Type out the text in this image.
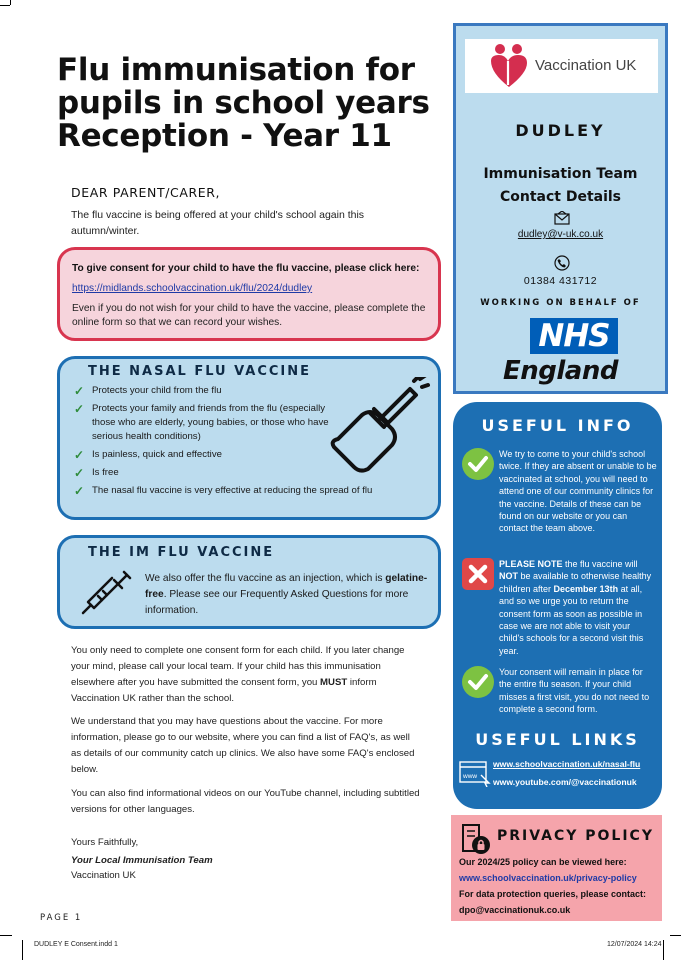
Flu immunisation for
pupils in school years
Reception - Year 11
DEAR PARENT/CARER,

The flu vaccine is being offered at your child's school again this autumn/winter.

To give consent for your child to have the flu vaccine, please click here:
https://midlands.schoolvaccination.uk/flu/2024/dudley
Even if you do not wish for your child to have the vaccine, please complete the online form so that we can record your wishes.
THE NASAL FLU VACCINE
✓ Protects your child from the flu
✓ Protects your family and friends from the flu (especially those who are elderly, young babies, or those who have serious health conditions)
✓ Is painless, quick and effective
✓ Is free
✓ The nasal flu vaccine is very effective at reducing the spread of flu
THE IM FLU VACCINE
We also offer the flu vaccine as an injection, which is gelatine-free. Please see our Frequently Asked Questions for more information.

You only need to complete one consent form for each child. If you later change your mind, please call your local team. If your child has this immunisation elsewhere after you have submitted the consent form, you MUST inform Vaccination UK rather than the school.

We understand that you may have questions about the vaccine. For more information, please go to our website, where you can find a list of FAQ's, as well as details of our community catch up clinics. We also have some FAQ's enclosed below.

You can also find informational videos on our YouTube channel, including subtitled versions for other languages.

Yours Faithfully,
Your Local Immunisation Team
Vaccination UK
PAGE 1
DUDLEY E Consent.indd 1	12/07/2024 14:24
Vaccination UK
DUDLEY
Immunisation Team
Contact Details
dudley@v-uk.co.uk
01384 431712
WORKING ON BEHALF OF
NHS
England
USEFUL INFO
We try to come to your child's school twice. If they are absent or unable to be vaccinated at school, you will need to attend one of our community clinics for the vaccine. Details of these can be found on our website or you can contact the team above.
PLEASE NOTE the flu vaccine will NOT be available to otherwise healthy children after December 13th at all, and so we urge you to return the consent form as soon as possible in case we are not able to visit your child's schools for a second visit this year.
Your consent will remain in place for the entire flu season. If your child misses a first visit, you do not need to complete a second form.
USEFUL LINKS
www
www.schoolvaccination.uk/nasal-flu
www.youtube.com/@vaccinationuk
PRIVACY POLICY
Our 2024/25 policy can be viewed here:
www.schoolvaccination.uk/privacy-policy
For data protection queries, please contact:
dpo@vaccinationuk.co.uk
